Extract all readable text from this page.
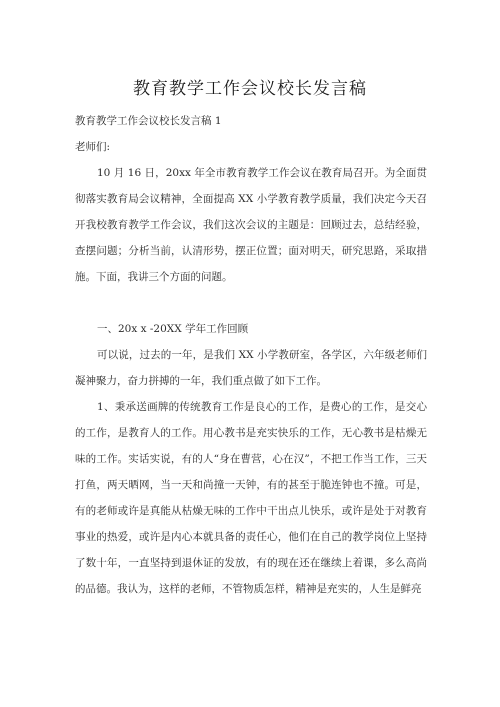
教育教学工作会议校长发言稿

教育教学工作会议校长发言稿 1

老师们:

10 月 16 日，20xx 年全市教育教学工作会议在教育局召开。为全面贯彻落实教育局会议精神，全面提高 XX 小学教育教学质量，我们决定今天召开我校教育教学工作会议，我们这次会议的主题是：回顾过去，总结经验，查摆问题；分析当前，认清形势，摆正位置；面对明天，研究思路，采取措施。下面，我讲三个方面的问题。

一、20x x -20XX 学年工作回顾

可以说，过去的一年，是我们 XX 小学教研室，各学区，六年级老师们凝神聚力，奋力拼搏的一年，我们重点做了如下工作。

1、秉承送画牌的传统教育工作是良心的工作，是费心的工作，是交心的工作，是教育人的工作。用心教书是充实快乐的工作，无心教书是枯燥无味的工作。实话实说，有的人“身在曹营，心在汉”，不把工作当工作，三天打鱼，两天晒网，当一天和尚撞一天钟，有的甚至于脆连钟也不撞。可是，有的老师或许是真能从枯燥无味的工作中干出点儿快乐，或许是处于对教育事业的热爱，或许是内心本就具备的责任心，他们在自己的教学岗位上坚持了数十年，一直坚持到退休证的发放，有的现在还在继续上着课，多么高尚的品德。我认为，这样的老师，不管物质怎样，精神是充实的，人生是鲜亮
